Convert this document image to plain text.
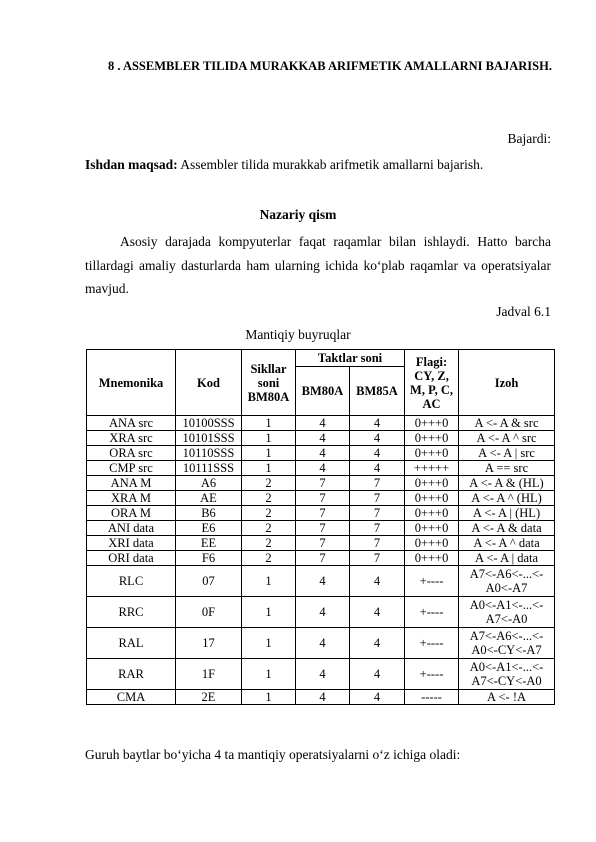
8 . ASSEMBLER TILIDA MURAKKAB ARIFMETIK AMALLARNI BAJARISH.
Bajardi:
Ishdan maqsad: Assembler tilida murakkab arifmetik amallarni bajarish.
Nazariy qism
Asosiy darajada kompyuterlar faqat raqamlar bilan ishlaydi. Hatto barcha tillardagi amaliy dasturlarda ham ularning ichida ko‘plab raqamlar va operatsiyalar mavjud.
Jadval 6.1
Mantiqiy buyruqlar
Mnemonika	Kod	Sikllar soni BM80A	Taktlar soni		Flagi: CY, Z, M, P, C, AC	Izoh
			BM80A	BM85A		
ANA src	10100SSS	1	4	4	0+++0	A <- A & src
XRA src	10101SSS	1	4	4	0+++0	A <- A ^ src
ORA src	10110SSS	1	4	4	0+++0	A <- A | src
CMP src	10111SSS	1	4	4	+++++	A == src
ANA M	A6	2	7	7	0+++0	A <- A & (HL)
XRA M	AE	2	7	7	0+++0	A <- A ^ (HL)
ORA M	B6	2	7	7	0+++0	A <- A | (HL)
ANI data	E6	2	7	7	0+++0	A <- A & data
XRI data	EE	2	7	7	0+++0	A <- A ^ data
ORI data	F6	2	7	7	0+++0	A <- A | data
RLC	07	1	4	4	+----	A7<-A6<-...<-A0<-A7
RRC	0F	1	4	4	+----	A0<-A1<-...<-A7<-A0
RAL	17	1	4	4	+----	A7<-A6<-...<-A0<-CY<-A7
RAR	1F	1	4	4	+----	A0<-A1<-...<-A7<-CY<-A0
CMA	2E	1	4	4	-----	A <- !A
Guruh baytlar bo‘yicha 4 ta mantiqiy operatsiyalarni o‘z ichiga oladi:
